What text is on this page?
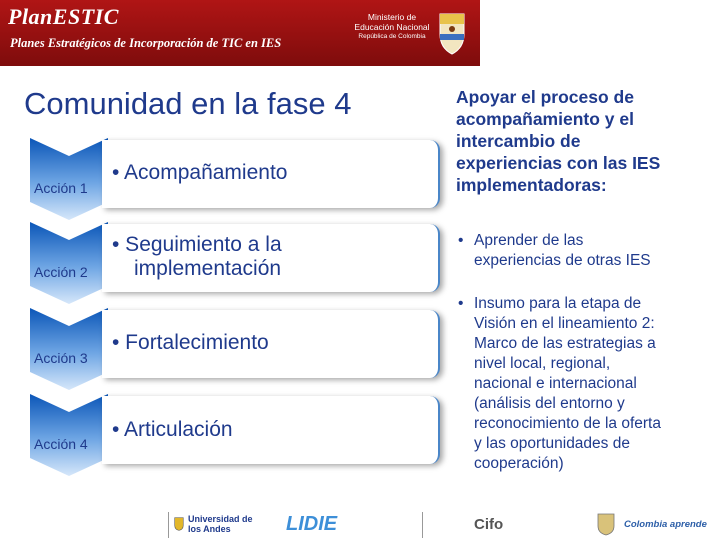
PlanESTIC
Planes Estratégicos de Incorporación de TIC en IES
Ministerio de
Educación Nacional
República de Colombia
Comunidad en la fase 4
Acción 1
• Acompañamiento
Acción 2
• Seguimiento a la
implementación
Acción 3
• Fortalecimiento
Acción 4
• Articulación
Apoyar el proceso de
acompañamiento y el
intercambio de
experiencias con las IES
implementadoras:
• Aprender de las
experiencias de otras IES
• Insumo para la etapa de
Visión en el lineamiento 2:
Marco de las estrategias a
nivel local, regional,
nacional e internacional
(análisis del entorno y
reconocimiento de la oferta
y las oportunidades de
cooperación)
Universidad de los Andes	LIDIE	Cifo	Colombia aprende
